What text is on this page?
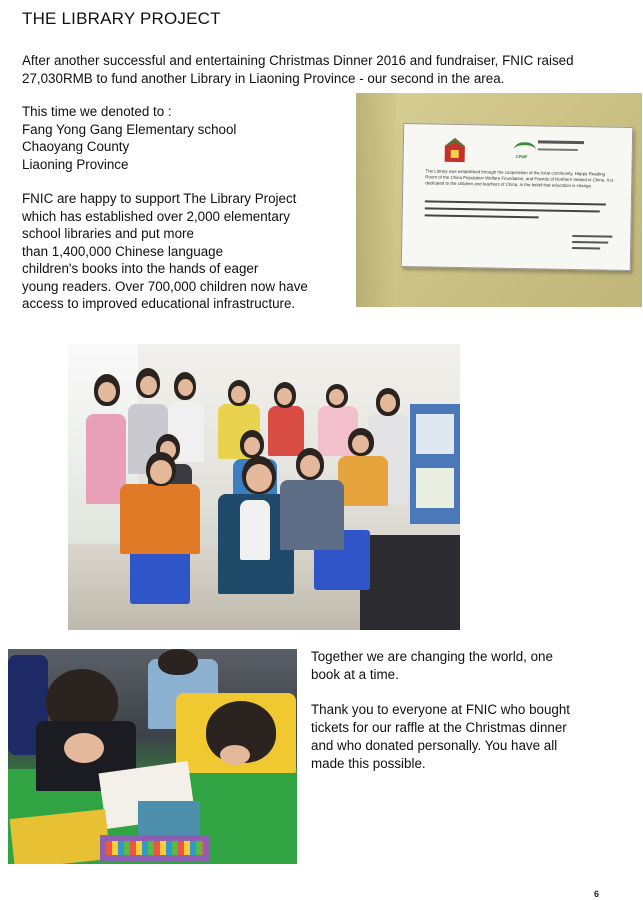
THE LIBRARY PROJECT
After another successful and entertaining Christmas Dinner 2016 and fundraiser, FNIC raised 27,030RMB to fund another Library in Liaoning Province - our second in the area.
This time we denoted to :
Fang Yong Gang Elementary school
Chaoyang County
Liaoning Province
FNIC are happy to support The Library Project
which has established over 2,000 elementary
school libraries and put more
than 1,400,000 Chinese language
children's books into the hands of eager
young readers. Over 700,000 children now have
access to improved educational infrastructure.
CPWF
The Library was established through the cooperation of the local community, Happy Reading Room of the China Population Welfare Foundation, and Friends of Northern Ireland in China. It is dedicated to the children and teachers of China, in the belief that education is change.
Together we are changing the world, one
book at a time.
Thank you to everyone at FNIC who bought
tickets for our raffle at the Christmas dinner
and who donated personally. You have all
made this possible.
6
